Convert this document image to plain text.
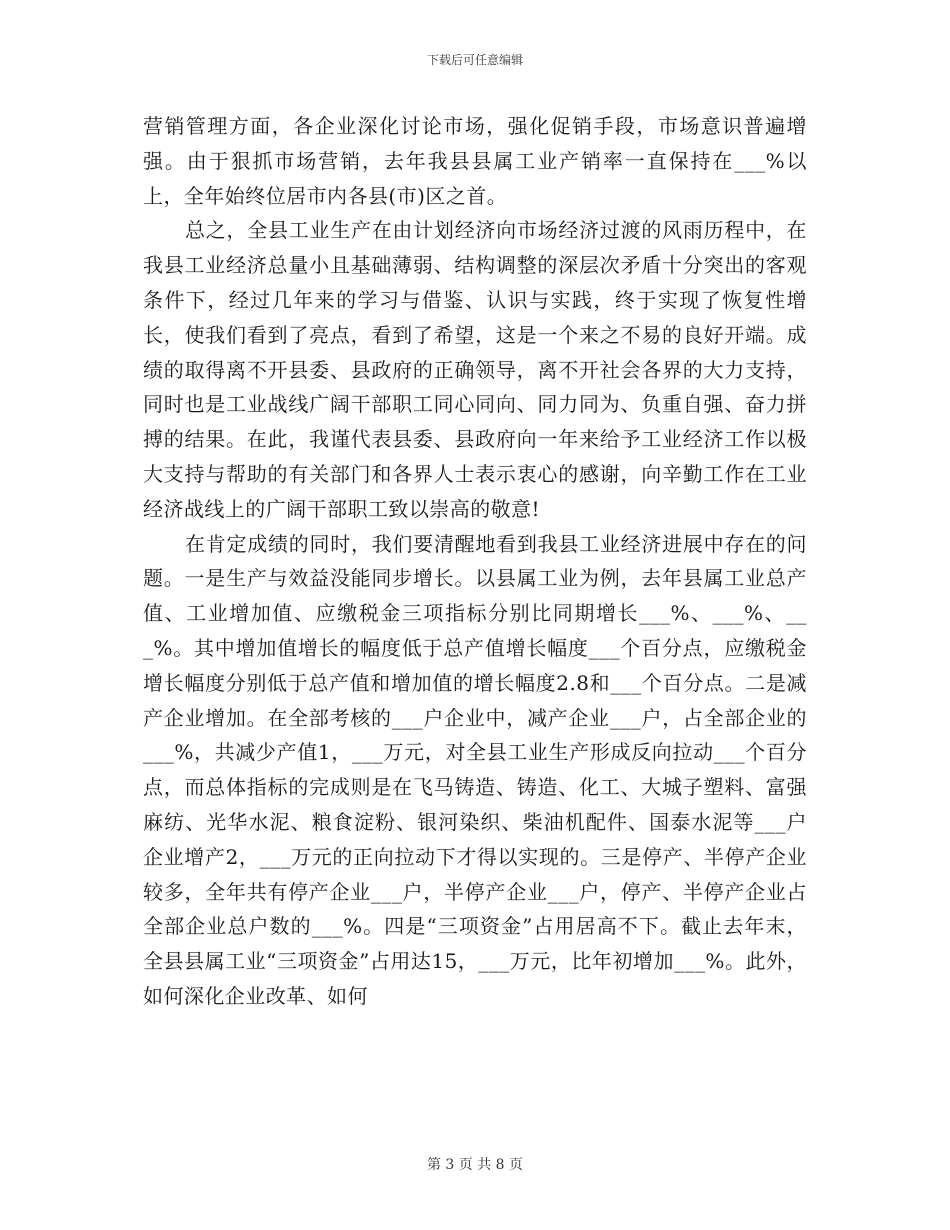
下载后可任意编辑

营销管理方面，各企业深化讨论市场，强化促销手段，市场意识普遍增强。由于狠抓市场营销，去年我县县属工业产销率一直保持在___%以上，全年始终位居市内各县(市)区之首。

总之，全县工业生产在由计划经济向市场经济过渡的风雨历程中，在我县工业经济总量小且基础薄弱、结构调整的深层次矛盾十分突出的客观条件下，经过几年来的学习与借鉴、认识与实践，终于实现了恢复性增长，使我们看到了亮点，看到了希望，这是一个来之不易的良好开端。成绩的取得离不开县委、县政府的正确领导，离不开社会各界的大力支持，同时也是工业战线广阔干部职工同心同向、同力同为、负重自强、奋力拼搏的结果。在此，我谨代表县委、县政府向一年来给予工业经济工作以极大支持与帮助的有关部门和各界人士表示衷心的感谢，向辛勤工作在工业经济战线上的广阔干部职工致以崇高的敬意!

在肯定成绩的同时，我们要清醒地看到我县工业经济进展中存在的问题。一是生产与效益没能同步增长。以县属工业为例，去年县属工业总产值、工业增加值、应缴税金三项指标分别比同期增长___%、___%、___%。其中增加值增长的幅度低于总产值增长幅度___个百分点，应缴税金增长幅度分别低于总产值和增加值的增长幅度2.8和___个百分点。二是减产企业增加。在全部考核的___户企业中，减产企业___户，占全部企业的___%，共减少产值1，___万元，对全县工业生产形成反向拉动___个百分点，而总体指标的完成则是在飞马铸造、铸造、化工、大城子塑料、富强麻纺、光华水泥、粮食淀粉、银河染织、柴油机配件、国泰水泥等___户企业增产2，___万元的正向拉动下才得以实现的。三是停产、半停产企业较多，全年共有停产企业___户，半停产企业___户，停产、半停产企业占全部企业总户数的___%。四是“三项资金”占用居高不下。截止去年末，全县县属工业“三项资金”占用达15，___万元，比年初增加___%。此外，如何深化企业改革、如何

第 3 页 共 8 页
